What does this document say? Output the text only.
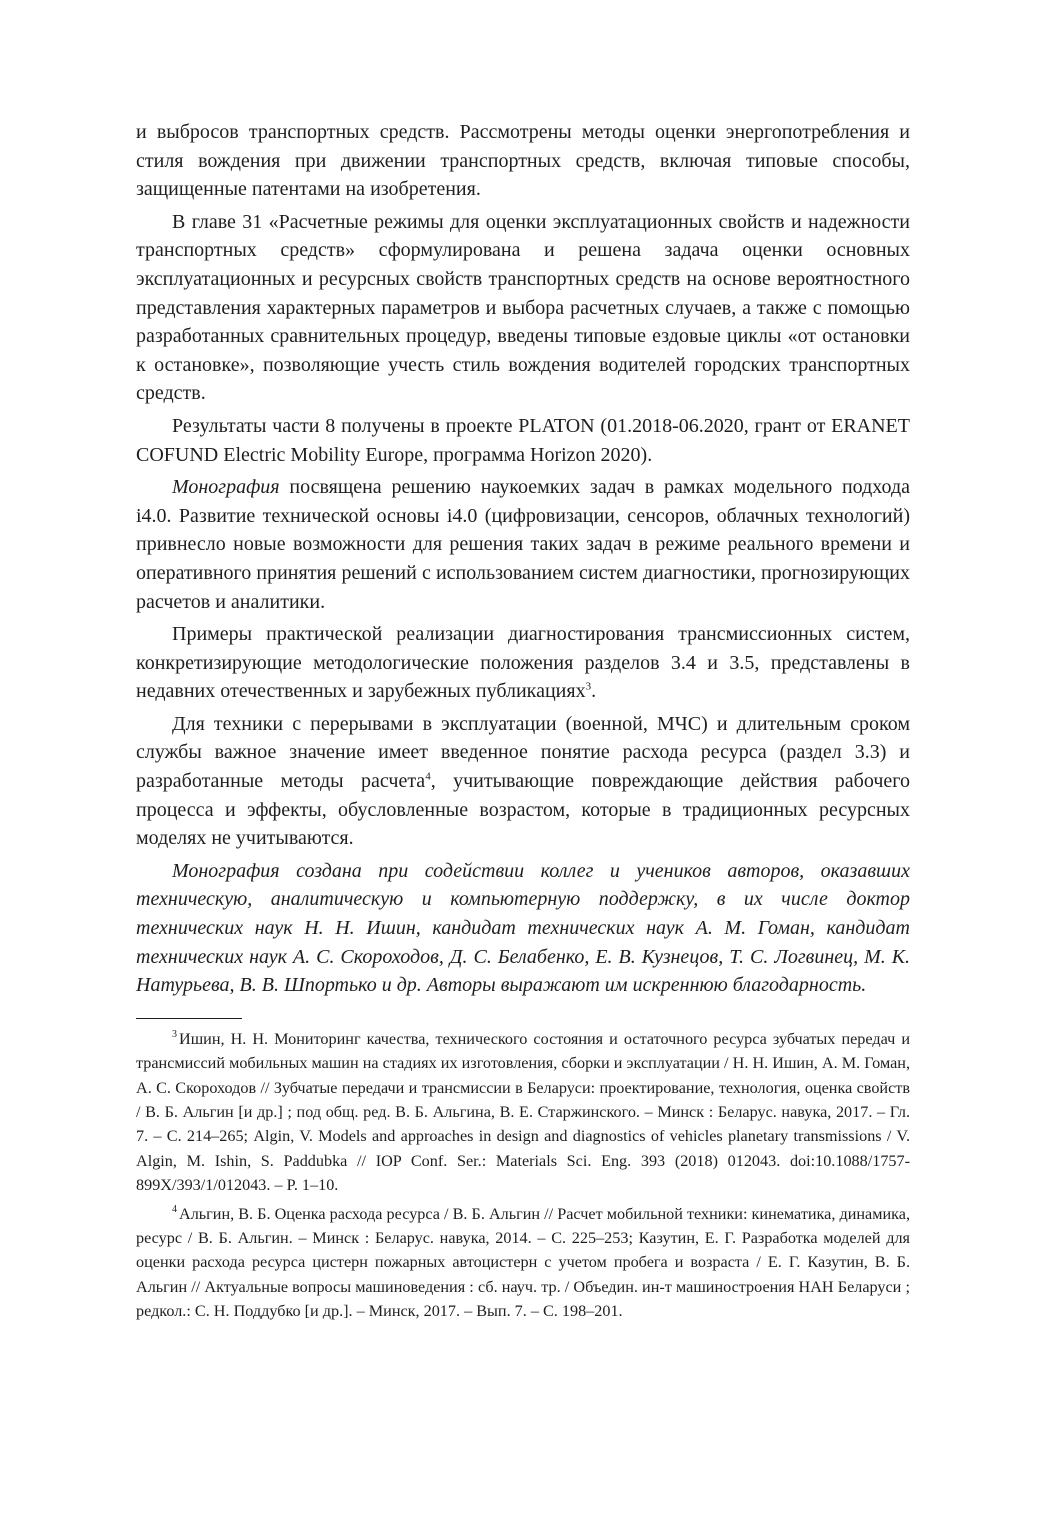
и выбросов транспортных средств. Рассмотрены методы оценки энергопотребления и стиля вождения при движении транспортных средств, включая типовые способы, защищенные патентами на изобретения.

В главе 31 «Расчетные режимы для оценки эксплуатационных свойств и надежности транспортных средств» сформулирована и решена задача оценки основных эксплуатационных и ресурсных свойств транспортных средств на основе вероятностного представления характерных параметров и выбора расчетных случаев, а также с помощью разработанных сравнительных процедур, введены типовые ездовые циклы «от остановки к остановке», позволяющие учесть стиль вождения водителей городских транспортных средств.

Результаты части 8 получены в проекте PLATON (01.2018-06.2020, грант от ERANET COFUND Electric Mobility Europe, программа Horizon 2020).

Монография посвящена решению наукоемких задач в рамках модельного подхода i4.0. Развитие технической основы i4.0 (цифровизации, сенсоров, облачных технологий) привнесло новые возможности для решения таких задач в режиме реального времени и оперативного принятия решений с использованием систем диагностики, прогнозирующих расчетов и аналитики.

Примеры практической реализации диагностирования трансмиссионных систем, конкретизирующие методологические положения разделов 3.4 и 3.5, представлены в недавних отечественных и зарубежных публикациях$^3$.

Для техники с перерывами в эксплуатации (военной, МЧС) и длительным сроком службы важное значение имеет введенное понятие расхода ресурса (раздел 3.3) и разработанные методы расчета$^4$, учитывающие повреждающие действия рабочего процесса и эффекты, обусловленные возрастом, которые в традиционных ресурсных моделях не учитываются.

Монография создана при содействии коллег и учеников авторов, оказавших техническую, аналитическую и компьютерную поддержку, в их числе доктор технических наук Н. Н. Ишин, кандидат технических наук А. М. Гоман, кандидат технических наук А. С. Скороходов, Д. С. Белабенко, Е. В. Кузнецов, Т. С. Логвинец, М. К. Натурьева, В. В. Шпортько и др. Авторы выражают им искреннюю благодарность.

$^3$ Ишин, Н. Н. Мониторинг качества, технического состояния и остаточного ресурса зубчатых передач и трансмиссий мобильных машин на стадиях их изготовления, сборки и эксплуатации / Н. Н. Ишин, А. М. Гоман, А. С. Скороходов // Зубчатые передачи и трансмиссии в Беларуси: проектирование, технология, оценка свойств / В. Б. Альгин [и др.] ; под общ. ред. В. Б. Альгина, В. Е. Старжинского. – Минск : Беларус. навука, 2017. – Гл. 7. – С. 214–265; Algin, V. Models and approaches in design and diagnostics of vehicles planetary transmissions / V. Algin, M. Ishin, S. Paddubka // IOP Conf. Ser.: Materials Sci. Eng. 393 (2018) 012043. doi:10.1088/1757-899X/393/1/012043. – P. 1–10.

$^4$ Альгин, В. Б. Оценка расхода ресурса / В. Б. Альгин // Расчет мобильной техники: кинематика, динамика, ресурс / В. Б. Альгин. – Минск : Беларус. навука, 2014. – С. 225–253; Казутин, Е. Г. Разработка моделей для оценки расхода ресурса цистерн пожарных автоцистерн с учетом пробега и возраста / Е. Г. Казутин, В. Б. Альгин // Актуальные вопросы машиноведения : сб. науч. тр. / Объедин. ин-т машиностроения НАН Беларуси ; редкол.: С. Н. Поддубко [и др.]. – Минск, 2017. – Вып. 7. – С. 198–201.
